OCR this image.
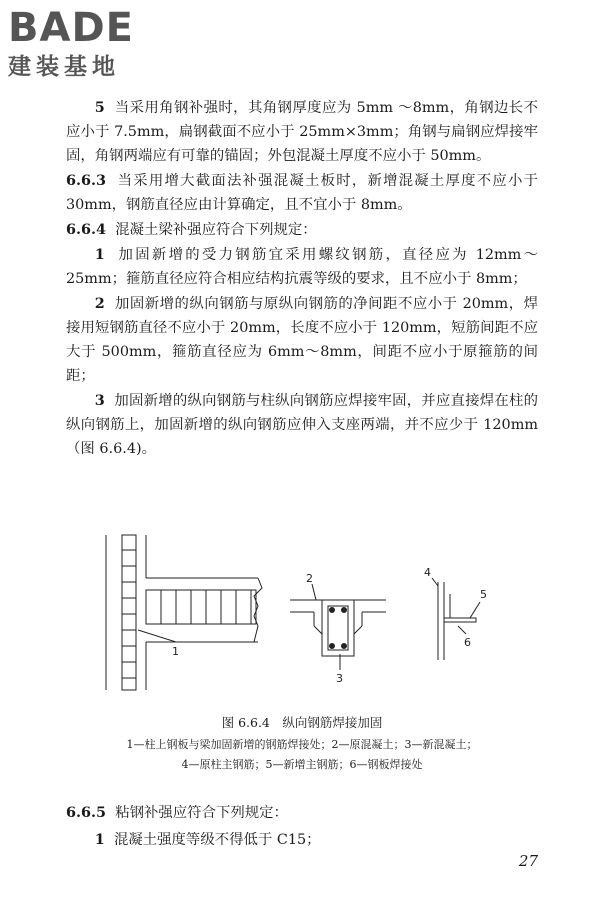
BADE
建装基地

5 当采用角钢补强时，其角钢厚度应为 5mm ～8mm，角钢边长不应小于 7.5mm，扁钢截面不应小于 25mm×3mm；角钢与扁钢应焊接牢固，角钢两端应有可靠的锚固；外包混凝土厚度不应小于 50mm。

6.6.3 当采用增大截面法补强混凝土板时，新增混凝土厚度不应小于 30mm，钢筋直径应由计算确定，且不宜小于 8mm。

6.6.4 混凝土梁补强应符合下列规定：

1 加固新增的受力钢筋宜采用螺纹钢筋，直径应为 12mm～25mm；箍筋直径应符合相应结构抗震等级的要求，且不应小于 8mm；

2 加固新增的纵向钢筋与原纵向钢筋的净间距不应小于 20mm，焊接用短钢筋直径不应小于 20mm，长度不应小于 120mm，短筋间距不应大于 500mm，箍筋直径应为 6mm～8mm，间距不应小于原箍筋的间距；

3 加固新增的纵向钢筋与柱纵向钢筋应焊接牢固，并应直接焊在柱的纵向钢筋上，加固新增的纵向钢筋应伸入支座两端，并不应少于 120mm（图 6.6.4)。

1
2
3
4
5
6
图 6.6.4　纵向钢筋焊接加固
1—柱上钢板与梁加固新增的钢筋焊接处；2—原混凝土；3—新混凝土；
4—原柱主钢筋；5—新增主钢筋；6—钢板焊接处

6.6.5 粘钢补强应符合下列规定：

1 混凝土强度等级不得低于 C15；

27
